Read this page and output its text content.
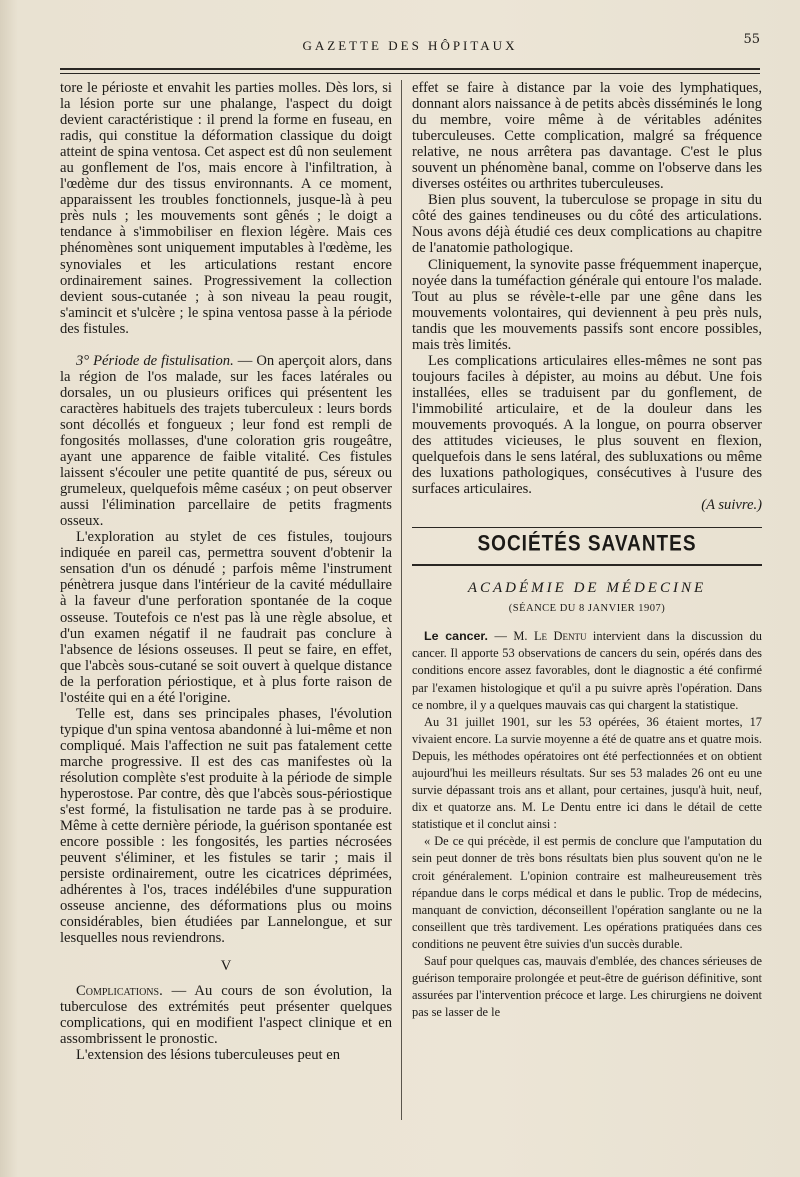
GAZETTE DES HÔPITAUX	55

tore le périoste et envahit les parties molles. Dès lors, si la lésion porte sur une phalange, l'aspect du doigt devient caractéristique : il prend la forme en fuseau, en radis, qui constitue la déformation classique du doigt atteint de spina ventosa. Cet aspect est dû non seulement au gonflement de l'os, mais encore à l'infiltration, à l'œdème dur des tissus environnants. A ce moment, apparaissent les troubles fonctionnels, jusque-là à peu près nuls ; les mouvements sont gênés ; le doigt a tendance à s'immobiliser en flexion légère. Mais ces phénomènes sont uniquement imputables à l'œdème, les synoviales et les articulations restant encore ordinairement saines. Progressivement la collection devient sous-cutanée ; à son niveau la peau rougit, s'amincit et s'ulcère ; le spina ventosa passe à la période des fistules.

3° Période de fistulisation. — On aperçoit alors, dans la région de l'os malade, sur les faces latérales ou dorsales, un ou plusieurs orifices qui présentent les caractères habituels des trajets tuberculeux : leurs bords sont décollés et fongueux ; leur fond est rempli de fongosités mollasses, d'une coloration gris rougeâtre, ayant une apparence de faible vitalité. Ces fistules laissent s'écouler une petite quantité de pus, séreux ou grumeleux, quelquefois même caséux ; on peut observer aussi l'élimination parcellaire de petits fragments osseux.

L'exploration au stylet de ces fistules, toujours indiquée en pareil cas, permettra souvent d'obtenir la sensation d'un os dénudé ; parfois même l'instrument pénètrera jusque dans l'intérieur de la cavité médullaire à la faveur d'une perforation spontanée de la coque osseuse. Toutefois ce n'est pas là une règle absolue, et d'un examen négatif il ne faudrait pas conclure à l'absence de lésions osseuses. Il peut se faire, en effet, que l'abcès sous-cutané se soit ouvert à quelque distance de la perforation périostique, et à plus forte raison de l'ostéite qui en a été l'origine.

Telle est, dans ses principales phases, l'évolution typique d'un spina ventosa abandonné à lui-même et non compliqué. Mais l'affection ne suit pas fatalement cette marche progressive. Il est des cas manifestes où la résolution complète s'est produite à la période de simple hyperostose. Par contre, dès que l'abcès sous-périostique s'est formé, la fistulisation ne tarde pas à se produire. Même à cette dernière période, la guérison spontanée est encore possible : les fongosités, les parties nécrosées peuvent s'éliminer, et les fistules se tarir ; mais il persiste ordinairement, outre les cicatrices déprimées, adhérentes à l'os, traces indélébiles d'une suppuration osseuse ancienne, des déformations plus ou moins considérables, bien étudiées par Lannelongue, et sur lesquelles nous reviendrons.

V

Complications. — Au cours de son évolution, la tuberculose des extrémités peut présenter quelques complications, qui en modifient l'aspect clinique et en assombrissent le pronostic.

L'extension des lésions tuberculeuses peut en

effet se faire à distance par la voie des lymphatiques, donnant alors naissance à de petits abcès disséminés le long du membre, voire même à de véritables adénites tuberculeuses. Cette complication, malgré sa fréquence relative, ne nous arrêtera pas davantage. C'est le plus souvent un phénomène banal, comme on l'observe dans les diverses ostéites ou arthrites tuberculeuses.

Bien plus souvent, la tuberculose se propage in situ du côté des gaines tendineuses ou du côté des articulations. Nous avons déjà étudié ces deux complications au chapitre de l'anatomie pathologique.

Cliniquement, la synovite passe fréquemment inaperçue, noyée dans la tuméfaction générale qui entoure l'os malade. Tout au plus se révèle-t-elle par une gêne dans les mouvements volontaires, qui deviennent à peu près nuls, tandis que les mouvements passifs sont encore possibles, mais très limités.

Les complications articulaires elles-mêmes ne sont pas toujours faciles à dépister, au moins au début. Une fois installées, elles se traduisent par du gonflement, de l'immobilité articulaire, et de la douleur dans les mouvements provoqués. A la longue, on pourra observer des attitudes vicieuses, le plus souvent en flexion, quelquefois dans le sens latéral, des subluxations ou même des luxations pathologiques, consécutives à l'usure des surfaces articulaires.

(A suivre.)
SOCIÉTÉS SAVANTES
ACADÉMIE DE MÉDECINE
(SÉANCE DU 8 JANVIER 1907)

Le cancer. — M. Le Dentu intervient dans la discussion du cancer. Il apporte 53 observations de cancers du sein, opérés dans des conditions encore assez favorables, dont le diagnostic a été confirmé par l'examen histologique et qu'il a pu suivre après l'opération. Dans ce nombre, il y a quelques mauvais cas qui chargent la statistique.

Au 31 juillet 1901, sur les 53 opérées, 36 étaient mortes, 17 vivaient encore. La survie moyenne a été de quatre ans et quatre mois. Depuis, les méthodes opératoires ont été perfectionnées et on obtient aujourd'hui les meilleurs résultats. Sur ses 53 malades 26 ont eu une survie dépassant trois ans et allant, pour certaines, jusqu'à huit, neuf, dix et quatorze ans. M. Le Dentu entre ici dans le détail de cette statistique et il conclut ainsi :

« De ce qui précède, il est permis de conclure que l'amputation du sein peut donner de très bons résultats bien plus souvent qu'on ne le croit généralement. L'opinion contraire est malheureusement très répandue dans le corps médical et dans le public. Trop de médecins, manquant de conviction, déconseillent l'opération sanglante ou ne la conseillent que très tardivement. Les opérations pratiquées dans ces conditions ne peuvent être suivies d'un succès durable.

Sauf pour quelques cas, mauvais d'emblée, des chances sérieuses de guérison temporaire prolongée et peut-être de guérison définitive, sont assurées par l'intervention précoce et large. Les chirurgiens ne doivent pas se lasser de le
